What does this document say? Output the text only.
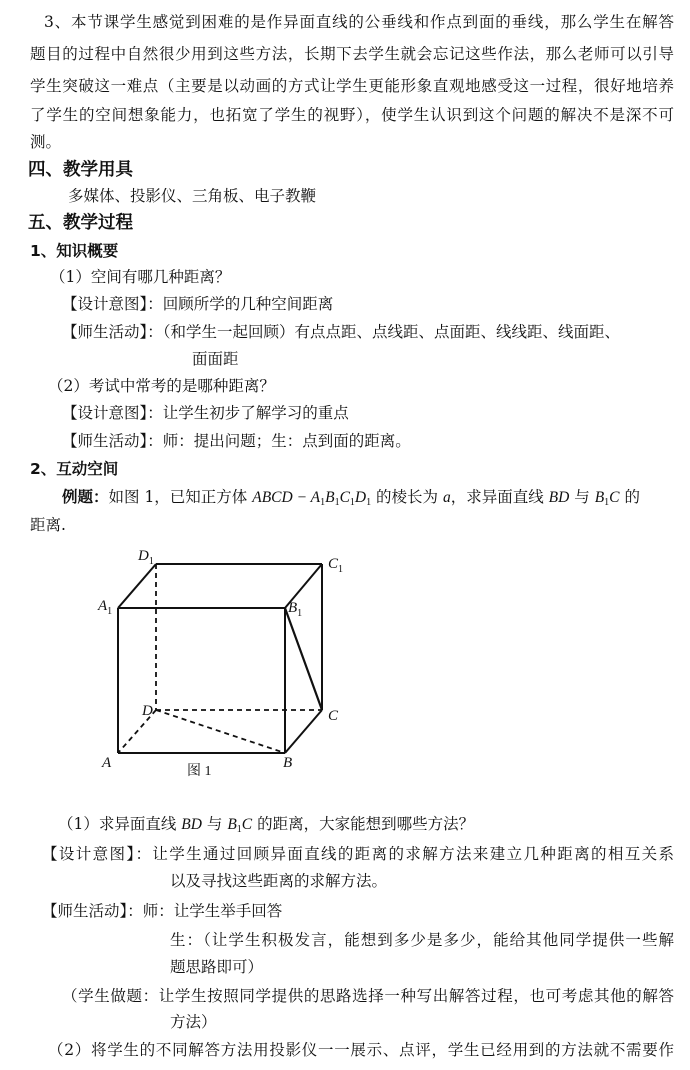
3、本节课学生感觉到困难的是作异面直线的公垂线和作点到面的垂线，那么学生在解答
题目的过程中自然很少用到这些方法，长期下去学生就会忘记这些作法，那么老师可以引导
学生突破这一难点（主要是以动画的方式让学生更能形象直观地感受这一过程，很好地培养
了学生的空间想象能力，也拓宽了学生的视野），使学生认识到这个问题的解决不是深不可
测。
四、教学用具
多媒体、投影仪、三角板、电子教鞭
五、教学过程
1、知识概要
（1）空间有哪几种距离？
【设计意图】：回顾所学的几种空间距离
【师生活动】：（和学生一起回顾）有点点距、点线距、点面距、线线距、线面距、
面面距
（2）考试中常考的是哪种距离？
【设计意图】：让学生初步了解学习的重点
【师生活动】：师：提出问题；生：点到面的距离。
2、互动空间
例题：如图 1，已知正方体 ABCD − $A_1B_1C_1D_1$ 的棱长为 a，求异面直线 BD 与 $B_1C$ 的
距离.
$D_1$	$C_1$
$A_1$	$B_1$
D	C
A	B
图 1
（1）求异面直线 BD 与 $B_1C$ 的距离，大家能想到哪些方法？
【设计意图】：让学生通过回顾异面直线的距离的求解方法来建立几种距离的相互关系
以及寻找这些距离的求解方法。
【师生活动】：师：让学生举手回答
生：（让学生积极发言，能想到多少是多少，能给其他同学提供一些解
题思路即可）
（学生做题：让学生按照同学提供的思路选择一种写出解答过程，也可考虑其他的解答
方法）
（2）将学生的不同解答方法用投影仪一一展示、点评，学生已经用到的方法就不需要作
